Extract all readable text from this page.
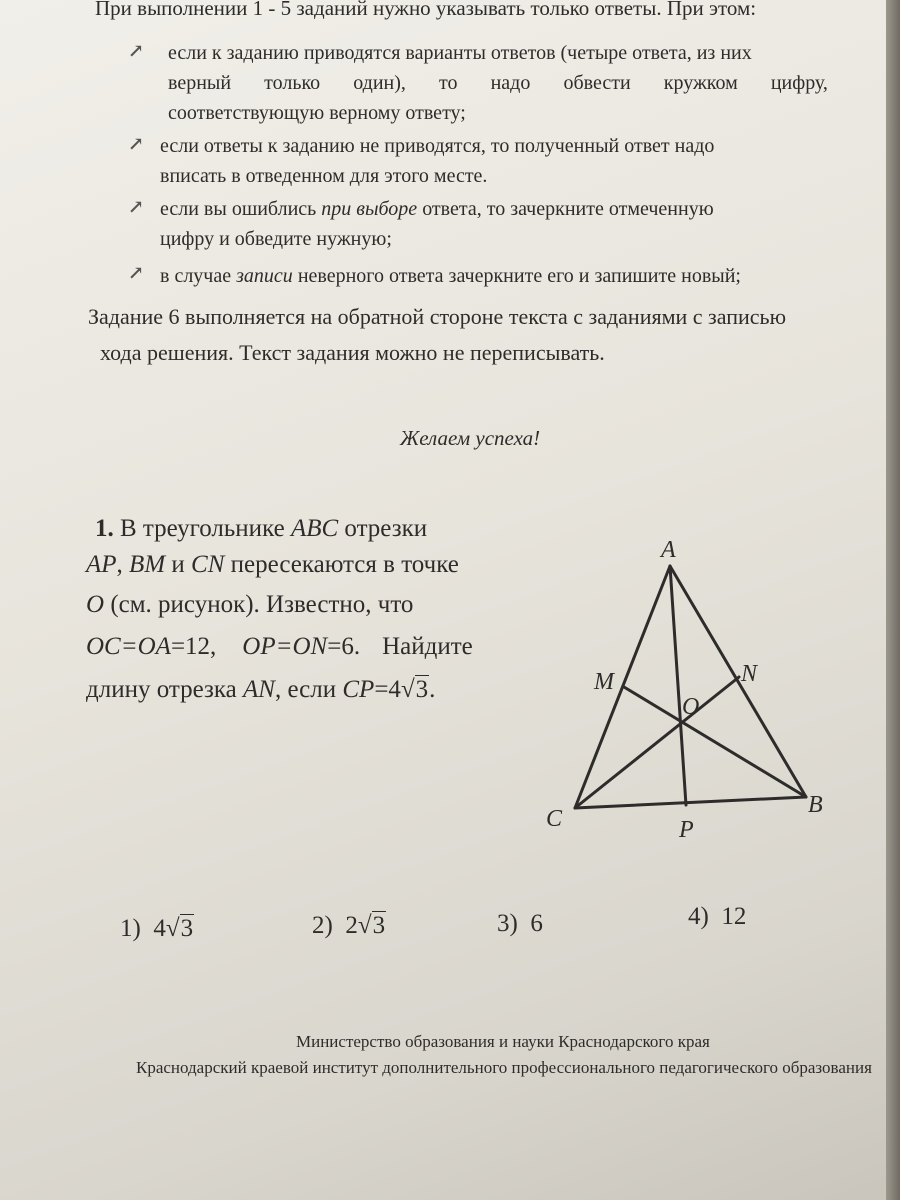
При выполнении 1 - 5 заданий нужно указывать только ответы. При этом:
↗ если к заданию приводятся варианты ответов (четыре ответа, из них
верный только один), то надо обвести кружком цифру,
соответствующую верному ответу;
↗ если ответы к заданию не приводятся, то полученный ответ надо
вписать в отведенном для этого месте.
↗ если вы ошиблись при выборе ответа, то зачеркните отмеченную
цифру и обведите нужную;
↗ в случае записи неверного ответа зачеркните его и запишите новый;
Задание 6 выполняется на обратной стороне текста с заданиями с записью
хода решения. Текст задания можно не переписывать.
Желаем успеха!
1. В треугольнике ABC отрезки
AP, BM и CN пересекаются в точке
O (см. рисунок). Известно, что
OC=OA=12, OP=ON=6. Найдите
длину отрезка AN, если CP=4√3.
A
B
C
M	N
O
P
1) 4√3	2) 2√3	3) 6	4) 12
Министерство образования и науки Краснодарского края
Краснодарский краевой институт дополнительного профессионального педагогического образования
